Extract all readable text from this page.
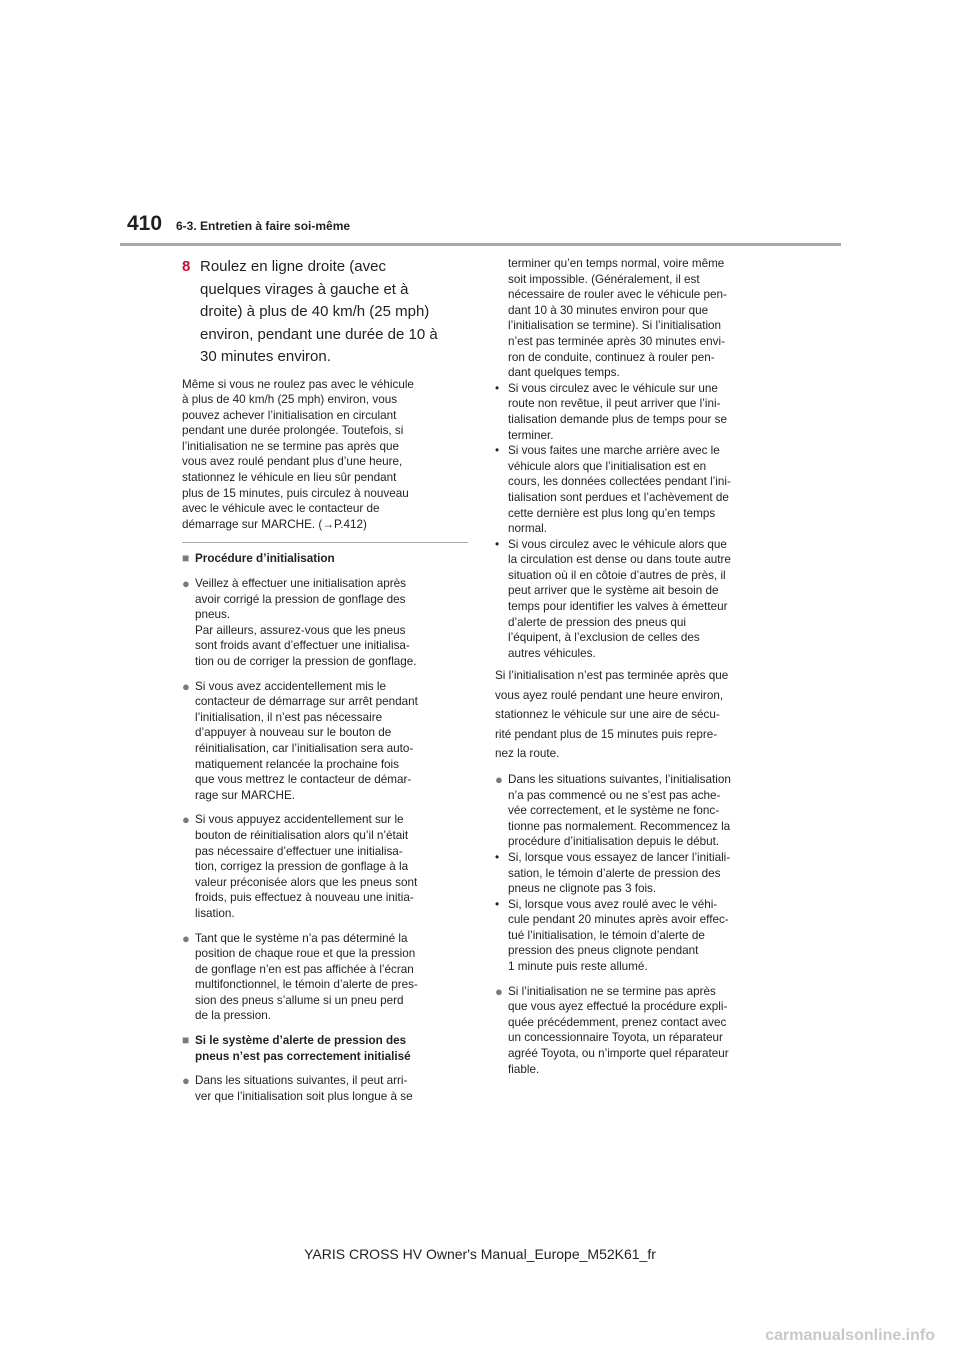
410 6-3. Entretien à faire soi-même
8 Roulez en ligne droite (avec

quelques virages à gauche et à

droite) à plus de 40 km/h (25 mph)

environ, pendant une durée de 10 à

30 minutes environ.

Même si vous ne roulez pas avec le véhicule

à plus de 40 km/h (25 mph) environ, vous

pouvez achever l’initialisation en circulant

pendant une durée prolongée. Toutefois, si

l’initialisation ne se termine pas après que

vous avez roulé pendant plus d’une heure,

stationnez le véhicule en lieu sûr pendant

plus de 15 minutes, puis circulez à nouveau

avec le véhicule avec le contacteur de

démarrage sur MARCHE. (→P.412)

■ Procédure d’initialisation
● Veillez à effectuer une initialisation après

avoir corrigé la pression de gonflage des

pneus.

Par ailleurs, assurez-vous que les pneus

sont froids avant d’effectuer une initialisa-

tion ou de corriger la pression de gonflage.

● Si vous avez accidentellement mis le

contacteur de démarrage sur arrêt pendant

l’initialisation, il n’est pas nécessaire

d’appuyer à nouveau sur le bouton de

réinitialisation, car l’initialisation sera auto-

matiquement relancée la prochaine fois

que vous mettrez le contacteur de démar-

rage sur MARCHE.

● Si vous appuyez accidentellement sur le

bouton de réinitialisation alors qu’il n’était

pas nécessaire d’effectuer une initialisa-

tion, corrigez la pression de gonflage à la

valeur préconisée alors que les pneus sont

froids, puis effectuez à nouveau une initia-

lisation.

● Tant que le système n’a pas déterminé la

position de chaque roue et que la pression

de gonflage n’en est pas affichée à l’écran

multifonctionnel, le témoin d’alerte de pres-

sion des pneus s’allume si un pneu perd

de la pression.

■ Si le système d’alerte de pression des

pneus n’est pas correctement initialisé

● Dans les situations suivantes, il peut arri-

ver que l’initialisation soit plus longue à se

terminer qu’en temps normal, voire même

soit impossible. (Généralement, il est

nécessaire de rouler avec le véhicule pen-

dant 10 à 30 minutes environ pour que

l’initialisation se termine). Si l’initialisation

n’est pas terminée après 30 minutes envi-

ron de conduite, continuez à rouler pen-

dant quelques temps.

• Si vous circulez avec le véhicule sur une

route non revêtue, il peut arriver que l’ini-

tialisation demande plus de temps pour se

terminer.

• Si vous faites une marche arrière avec le

véhicule alors que l’initialisation est en

cours, les données collectées pendant l’ini-

tialisation sont perdues et l’achèvement de

cette dernière est plus long qu’en temps

normal.

• Si vous circulez avec le véhicule alors que

la circulation est dense ou dans toute autre

situation où il en côtoie d’autres de près, il

peut arriver que le système ait besoin de

temps pour identifier les valves à émetteur

d’alerte de pression des pneus qui

l’équipent, à l’exclusion de celles des

autres véhicules.

Si l’initialisation n’est pas terminée après que

vous ayez roulé pendant une heure environ,

stationnez le véhicule sur une aire de sécu-

rité pendant plus de 15 minutes puis repre-

nez la route.

● Dans les situations suivantes, l’initialisation

n’a pas commencé ou ne s’est pas ache-

vée correctement, et le système ne fonc-

tionne pas normalement. Recommencez la

procédure d’initialisation depuis le début.

• Si, lorsque vous essayez de lancer l’initiali-

sation, le témoin d’alerte de pression des

pneus ne clignote pas 3 fois.

• Si, lorsque vous avez roulé avec le véhi-

cule pendant 20 minutes après avoir effec-

tué l’initialisation, le témoin d’alerte de

pression des pneus clignote pendant

1 minute puis reste allumé.

● Si l’initialisation ne se termine pas après

que vous ayez effectué la procédure expli-

quée précédemment, prenez contact avec

un concessionnaire Toyota, un réparateur

agréé Toyota, ou n’importe quel réparateur

fiable.

YARIS CROSS HV Owner's Manual_Europe_M52K61_fr
carmanualsonline.info
